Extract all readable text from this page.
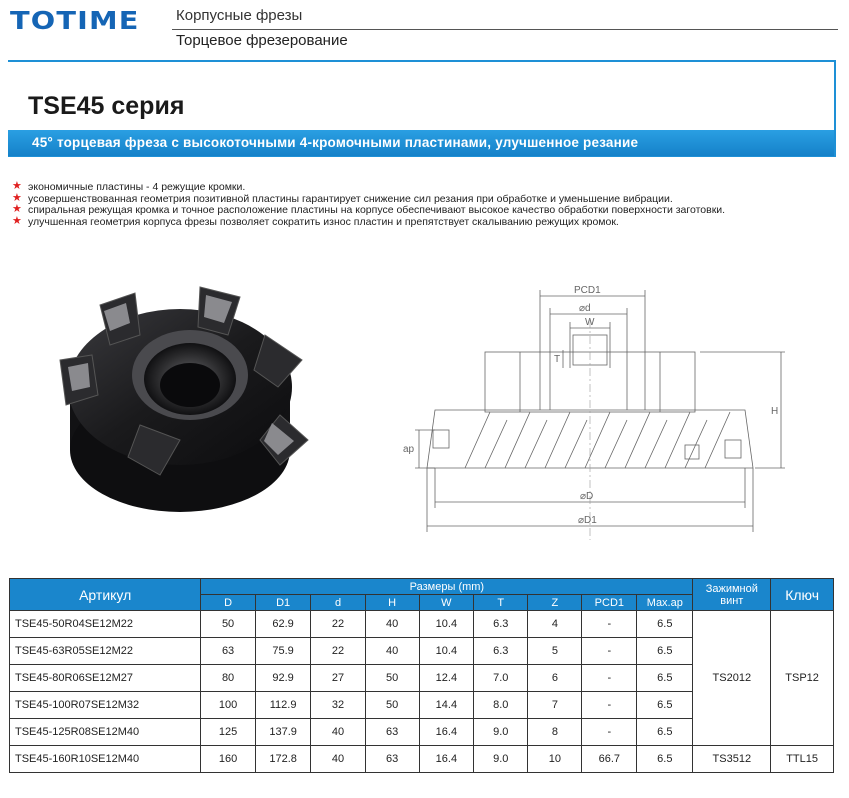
TOTIME Корпусные фрезы
Торцевое фрезерование
TSE45 серия
45° торцевая фреза с высокоточными 4-кромочными пластинами, улучшенное резание
★ экономичные пластины - 4 режущие кромки.
★ усовершенствованная геометрия позитивной пластины гарантирует снижение сил резания при обработке и уменьшение вибрации.
★ спиральная режущая кромка и точное расположение пластины на корпусе обеспечивают высокое качество обработки поверхности заготовки.
★ улучшенная геометрия корпуса фрезы позволяет сократить износ пластин и препятствует скалыванию режущих кромок.
PCD1
⌀d
W
T
H
ap
⌀D
⌀D1
Артикул	Размеры (mm)									Зажимной винт	Ключ
	D	D1	d	H	W	T	Z	PCD1	Max.ap		
TSE45-50R04SE12M22	50	62.9	22	40	10.4	6.3	4	-	6.5	TS2012	TSP12
TSE45-63R05SE12M22	63	75.9	22	40	10.4	6.3	5	-	6.5		
TSE45-80R06SE12M27	80	92.9	27	50	12.4	7.0	6	-	6.5		
TSE45-100R07SE12M32	100	112.9	32	50	14.4	8.0	7	-	6.5		
TSE45-125R08SE12M40	125	137.9	40	63	16.4	9.0	8	-	6.5		
TSE45-160R10SE12M40	160	172.8	40	63	16.4	9.0	10	66.7	6.5	TS3512	TTL15
